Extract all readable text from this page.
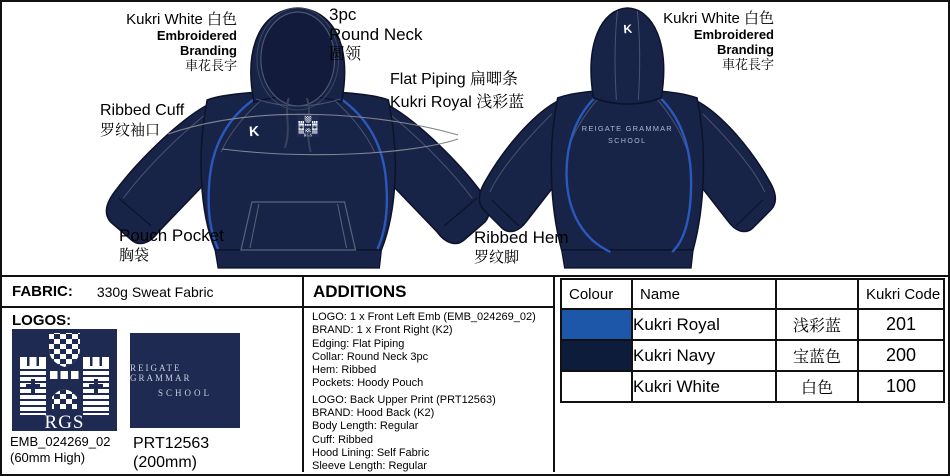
K
K
REIGATE GRAMMAR
SCHOOL
Kukri White 白色
Embroidered
Branding
車花長字
3pc
Round Neck
圆领
Flat Piping 扁唧条
Kukri Royal 浅彩蓝
Ribbed Cuff
罗纹袖口
Pouch Pocket
胸袋
Kukri White 白色
Embroidered
Branding
車花長字
Ribbed Hem
罗纹脚
FABRIC: 330g Sweat Fabric
LOGOS:
REIGATE GRAMMAR
SCHOOL
EMB_024269_02
(60mm High)
PRT12563
(200mm)
ADDITIONS
LOGO: 1 x Front Left Emb (EMB_024269_02)
BRAND: 1 x Front Right (K2)
Edging: Flat Piping
Collar: Round Neck 3pc
Hem: Ribbed
Pockets: Hoody Pouch
LOGO: Back Upper Print (PRT12563)
BRAND: Hood Back (K2)
Body Length: Regular
Cuff: Ribbed
Hood Lining: Self Fabric
Sleeve Length: Regular
Colour	Name		Kukri Code
	Kukri Royal	浅彩蓝	201
	Kukri Navy	宝蓝色	200
	Kukri White	白色	100
